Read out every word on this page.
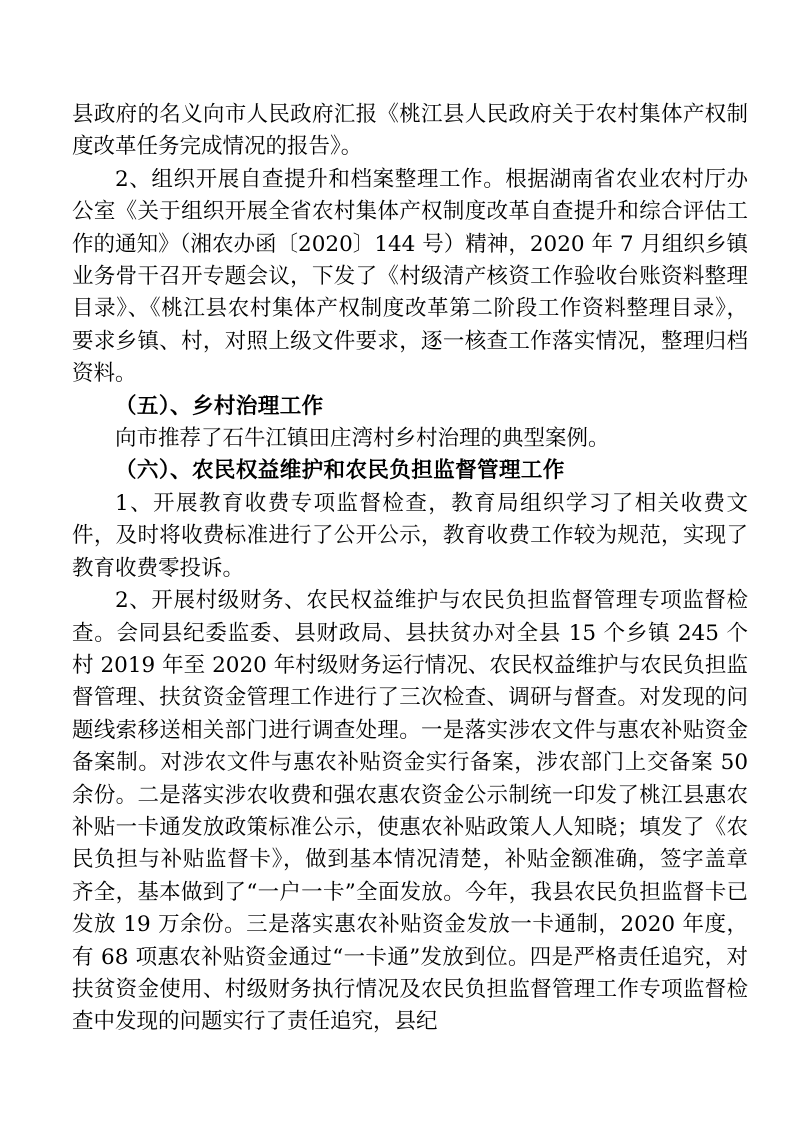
县政府的名义向市人民政府汇报《桃江县人民政府关于农村集体产权制度改革任务完成情况的报告》。

2、组织开展自查提升和档案整理工作。根据湖南省农业农村厅办公室《关于组织开展全省农村集体产权制度改革自查提升和综合评估工作的通知》（湘农办函〔2020〕144 号）精神，2020 年 7 月组织乡镇业务骨干召开专题会议，下发了《村级清产核资工作验收台账资料整理目录》、《桃江县农村集体产权制度改革第二阶段工作资料整理目录》，要求乡镇、村，对照上级文件要求，逐一核查工作落实情况，整理归档资料。

（五）、乡村治理工作

向市推荐了石牛江镇田庄湾村乡村治理的典型案例。

（六）、农民权益维护和农民负担监督管理工作

1、开展教育收费专项监督检查，教育局组织学习了相关收费文件，及时将收费标准进行了公开公示，教育收费工作较为规范，实现了教育收费零投诉。

2、开展村级财务、农民权益维护与农民负担监督管理专项监督检查。会同县纪委监委、县财政局、县扶贫办对全县 15 个乡镇 245 个村 2019 年至 2020 年村级财务运行情况、农民权益维护与农民负担监督管理、扶贫资金管理工作进行了三次检查、调研与督查。对发现的问题线索移送相关部门进行调查处理。一是落实涉农文件与惠农补贴资金备案制。对涉农文件与惠农补贴资金实行备案，涉农部门上交备案 50 余份。二是落实涉农收费和强农惠农资金公示制统一印发了桃江县惠农补贴一卡通发放政策标准公示，使惠农补贴政策人人知晓；填发了《农民负担与补贴监督卡》，做到基本情况清楚，补贴金额准确，签字盖章齐全，基本做到了“一户一卡”全面发放。今年，我县农民负担监督卡已发放 19 万余份。三是落实惠农补贴资金发放一卡通制，2020 年度，有 68 项惠农补贴资金通过“一卡通”发放到位。四是严格责任追究，对扶贫资金使用、村级财务执行情况及农民负担监督管理工作专项监督检查中发现的问题实行了责任追究，县纪
